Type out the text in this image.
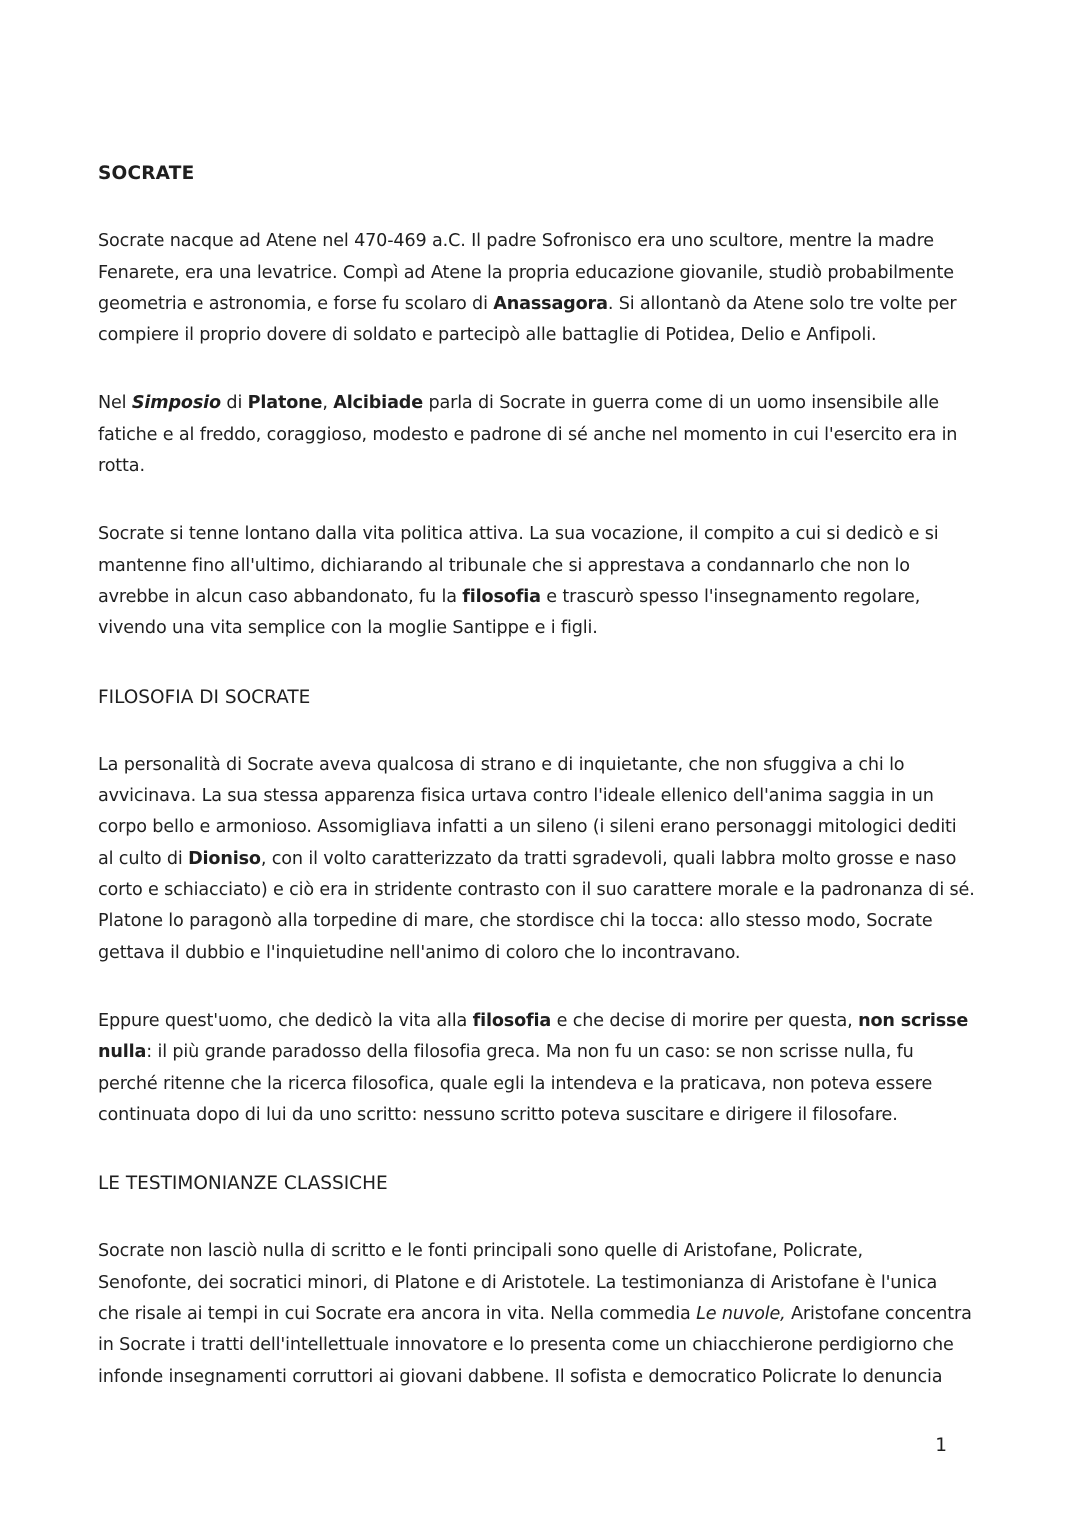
SOCRATE
Socrate nacque ad Atene nel 470-469 a.C. Il padre Sofronisco era uno scultore, mentre la madre
Fenarete, era una levatrice. Compì ad Atene la propria educazione giovanile, studiò probabilmente
geometria e astronomia, e forse fu scolaro di Anassagora. Si allontanò da Atene solo tre volte per
compiere il proprio dovere di soldato e partecipò alle battaglie di Potidea, Delio e Anfipoli.
Nel Simposio di Platone, Alcibiade parla di Socrate in guerra come di un uomo insensibile alle
fatiche e al freddo, coraggioso, modesto e padrone di sé anche nel momento in cui l'esercito era in
rotta.
Socrate si tenne lontano dalla vita politica attiva. La sua vocazione, il compito a cui si dedicò e si
mantenne fino all'ultimo, dichiarando al tribunale che si apprestava a condannarlo che non lo
avrebbe in alcun caso abbandonato, fu la filosofia e trascurò spesso l'insegnamento regolare,
vivendo una vita semplice con la moglie Santippe e i figli.
FILOSOFIA DI SOCRATE
La personalità di Socrate aveva qualcosa di strano e di inquietante, che non sfuggiva a chi lo
avvicinava. La sua stessa apparenza fisica urtava contro l'ideale ellenico dell'anima saggia in un
corpo bello e armonioso. Assomigliava infatti a un sileno (i sileni erano personaggi mitologici dediti
al culto di Dioniso, con il volto caratterizzato da tratti sgradevoli, quali labbra molto grosse e naso
corto e schiacciato) e ciò era in stridente contrasto con il suo carattere morale e la padronanza di sé.
Platone lo paragonò alla torpedine di mare, che stordisce chi la tocca: allo stesso modo, Socrate
gettava il dubbio e l'inquietudine nell'animo di coloro che lo incontravano.
Eppure quest'uomo, che dedicò la vita alla filosofia e che decise di morire per questa, non scrisse
nulla: il più grande paradosso della filosofia greca. Ma non fu un caso: se non scrisse nulla, fu
perché ritenne che la ricerca filosofica, quale egli la intendeva e la praticava, non poteva essere
continuata dopo di lui da uno scritto: nessuno scritto poteva suscitare e dirigere il filosofare.
LE TESTIMONIANZE CLASSICHE
Socrate non lasciò nulla di scritto e le fonti principali sono quelle di Aristofane, Policrate,
Senofonte, dei socratici minori, di Platone e di Aristotele. La testimonianza di Aristofane è l'unica
che risale ai tempi in cui Socrate era ancora in vita. Nella commedia Le nuvole, Aristofane concentra
in Socrate i tratti dell'intellettuale innovatore e lo presenta come un chiacchierone perdigiorno che
infonde insegnamenti corruttori ai giovani dabbene. Il sofista e democratico Policrate lo denuncia
1
